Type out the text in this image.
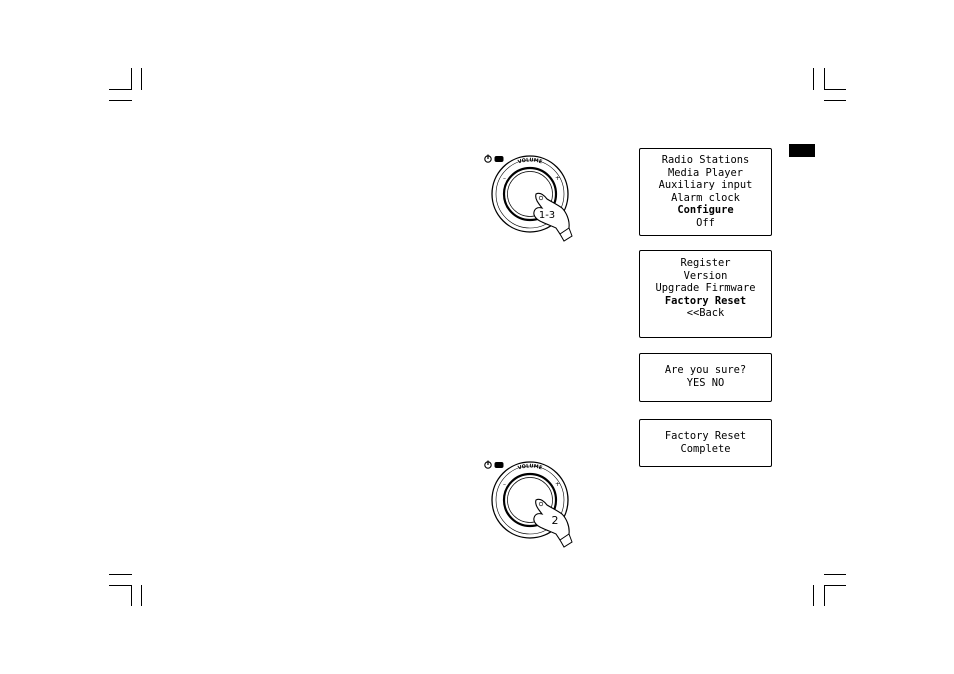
VOLUME
–	+
1-3
VOLUME
–	+
2
Radio Stations
Media Player
Auxiliary input
Alarm clock
Configure
Off
Register
Version
Upgrade Firmware
Factory Reset
<<Back
Are you sure?
YES NO
Factory Reset
Complete
